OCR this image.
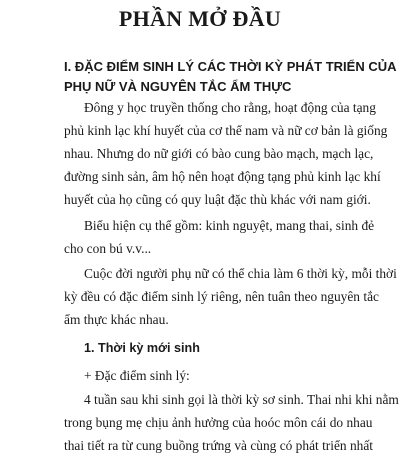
PHẦN MỞ ĐẦU
I. ĐẶC ĐIỂM SINH LÝ CÁC THỜI KỲ PHÁT TRIỂN CỦA
PHỤ NỮ VÀ NGUYÊN TẮC ẨM THỰC
Đông y học truyền thống cho rằng, hoạt động của tạng
phủ kinh lạc khí huyết của cơ thể nam và nữ cơ bản là giống
nhau. Nhưng do nữ giới có bào cung bào mạch, mạch lạc,
đường sinh sản, âm hộ nên hoạt động tạng phủ kinh lạc khí
huyết của họ cũng có quy luật đặc thù khác với nam giới.
Biểu hiện cụ thể gồm: kinh nguyệt, mang thai, sinh đẻ
cho con bú v.v...
Cuộc đời người phụ nữ có thể chia làm 6 thời kỳ, mỗi thời
kỳ đều có đặc điểm sinh lý riêng, nên tuân theo nguyên tắc
ẩm thực khác nhau.
1. Thời kỳ mới sinh
+ Đặc điểm sinh lý:
4 tuần sau khi sinh gọi là thời kỳ sơ sinh. Thai nhi khi nằm
trong bụng mẹ chịu ảnh hưởng của hoóc môn cái do nhau
thai tiết ra từ cung buồng trứng và cùng có phát triển nhất
